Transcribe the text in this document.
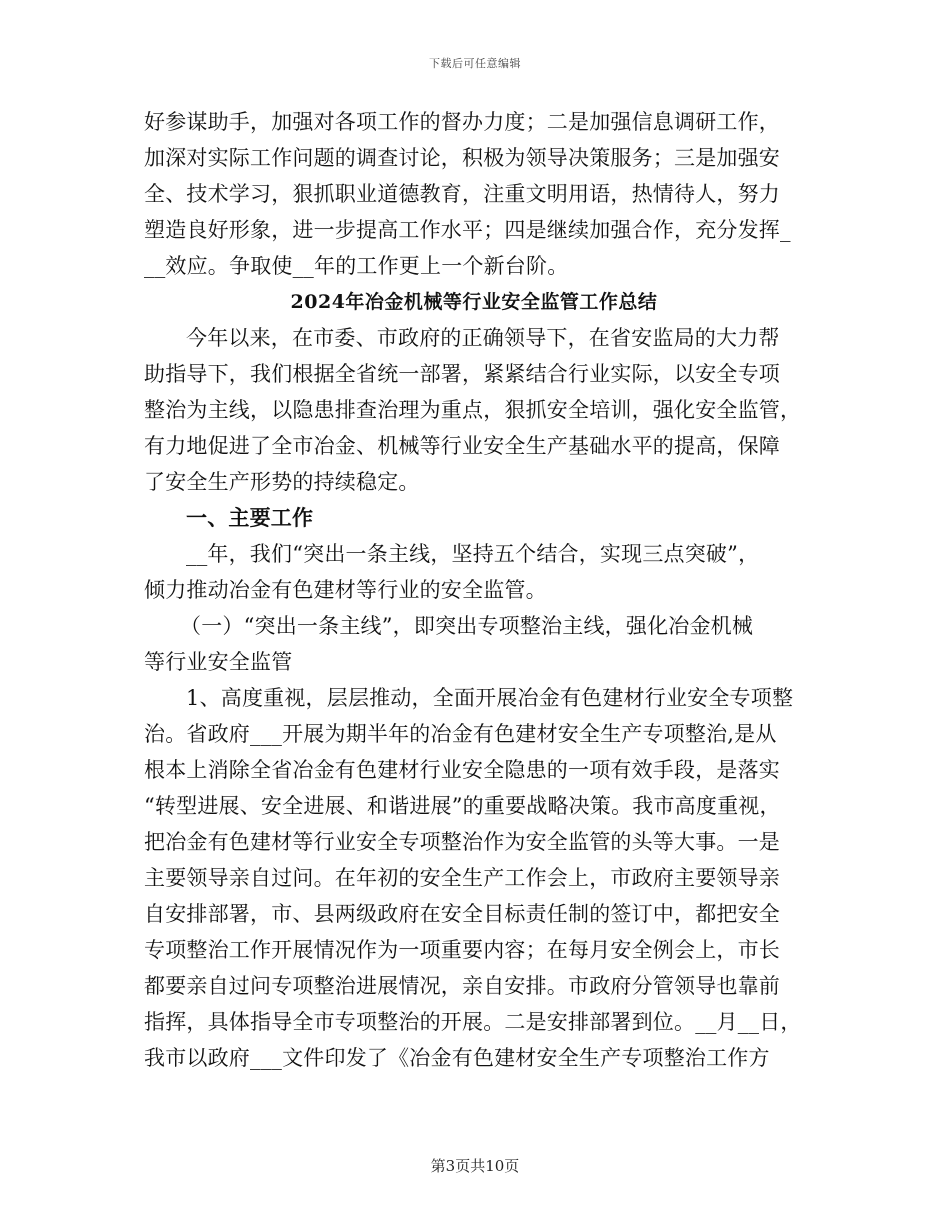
下载后可任意编辑
好参谋助手，加强对各项工作的督办力度；二是加强信息调研工作，
加深对实际工作问题的调查讨论，积极为领导决策服务；三是加强安
全、技术学习，狠抓职业道德教育，注重文明用语，热情待人，努力
塑造良好形象，进一步提高工作水平；四是继续加强合作，充分发挥_
__效应。争取使__年的工作更上一个新台阶。
2024年冶金机械等行业安全监管工作总结
今年以来，在市委、市政府的正确领导下，在省安监局的大力帮
助指导下，我们根据全省统一部署，紧紧结合行业实际，以安全专项
整治为主线，以隐患排查治理为重点，狠抓安全培训，强化安全监管，
有力地促进了全市冶金、机械等行业安全生产基础水平的提高，保障
了安全生产形势的持续稳定。
一、主要工作
__年，我们“突出一条主线，坚持五个结合，实现三点突破”，
倾力推动冶金有色建材等行业的安全监管。
（一）“突出一条主线”，即突出专项整治主线，强化冶金机械
等行业安全监管
1、高度重视，层层推动，全面开展冶金有色建材行业安全专项整
治。省政府___开展为期半年的冶金有色建材安全生产专项整治,是从
根本上消除全省冶金有色建材行业安全隐患的一项有效手段，是落实
“转型进展、安全进展、和谐进展”的重要战略决策。我市高度重视，
把冶金有色建材等行业安全专项整治作为安全监管的头等大事。一是
主要领导亲自过问。在年初的安全生产工作会上，市政府主要领导亲
自安排部署，市、县两级政府在安全目标责任制的签订中，都把安全
专项整治工作开展情况作为一项重要内容；在每月安全例会上，市长
都要亲自过问专项整治进展情况，亲自安排。市政府分管领导也靠前
指挥，具体指导全市专项整治的开展。二是安排部署到位。__月__日，
我市以政府___文件印发了《冶金有色建材安全生产专项整治工作方
第3页共10页
